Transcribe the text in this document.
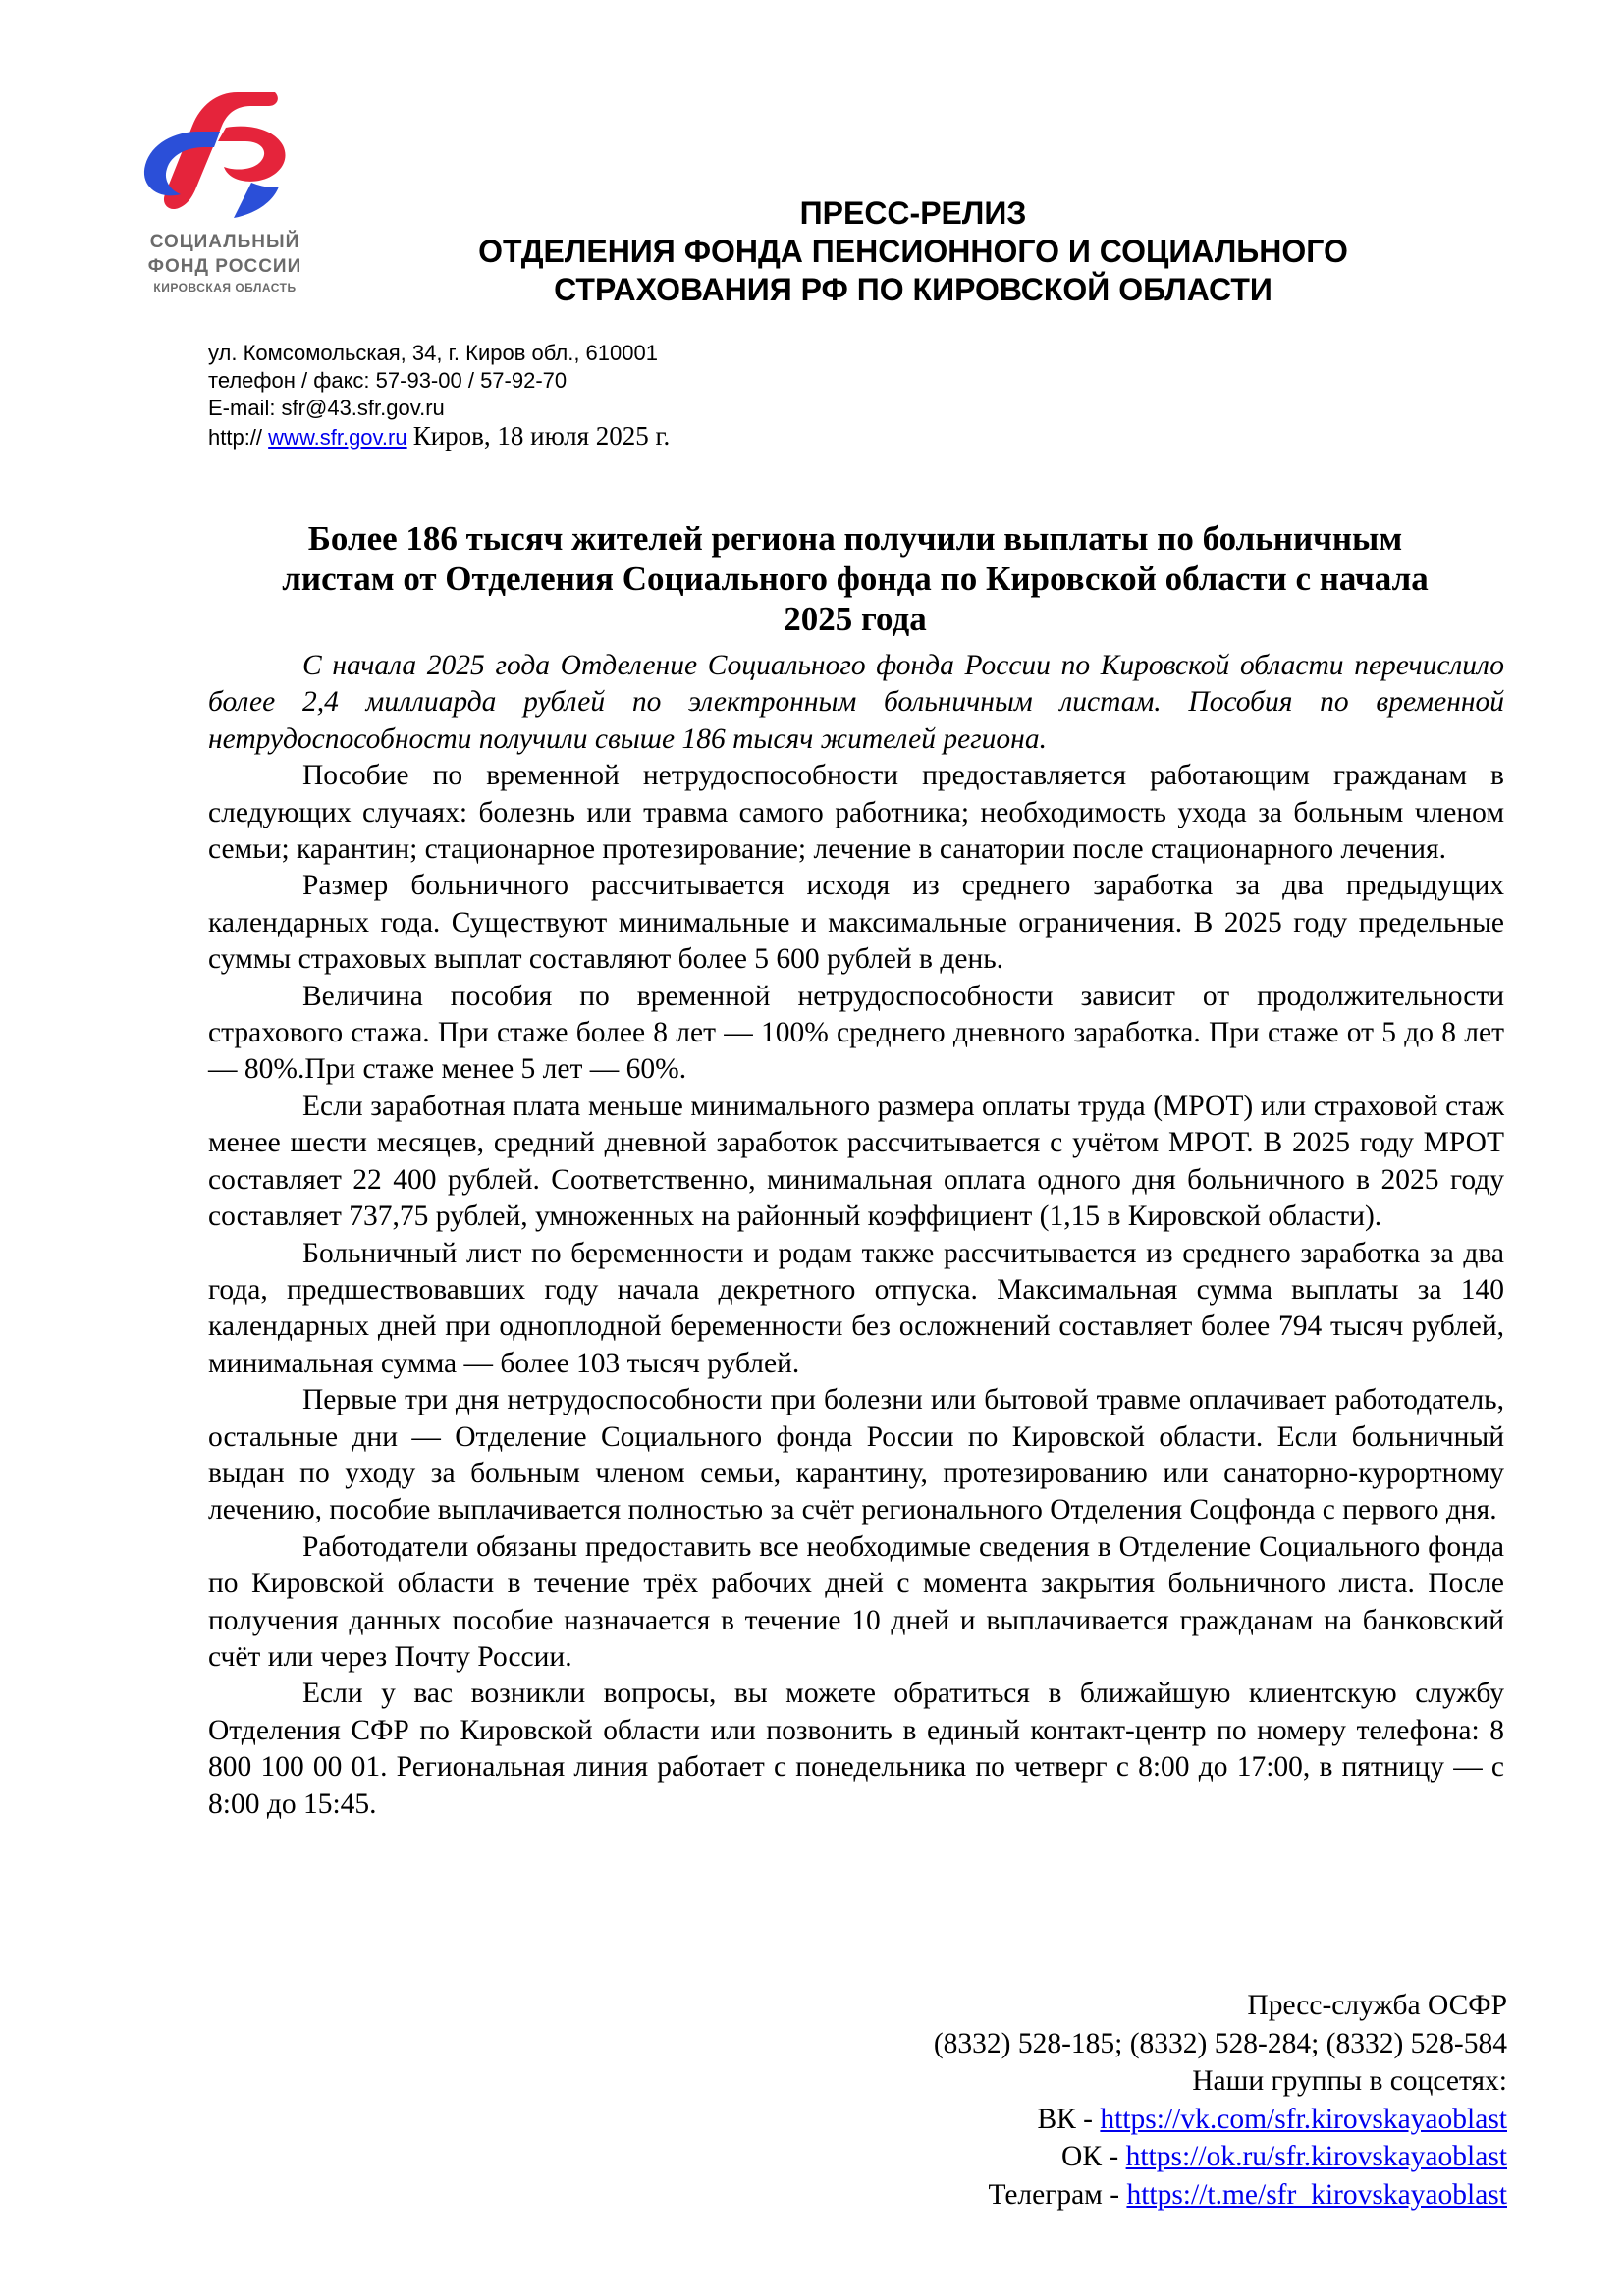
СОЦИАЛЬНЫЙ
ФОНД РОССИИ
КИРОВСКАЯ ОБЛАСТЬ
ПРЕСС-РЕЛИЗ
ОТДЕЛЕНИЯ ФОНДА ПЕНСИОННОГО И СОЦИАЛЬНОГО
СТРАХОВАНИЯ РФ ПО КИРОВСКОЙ ОБЛАСТИ
ул. Комсомольская, 34, г. Киров обл., 610001
телефон / факс: 57-93-00 / 57-92-70
E-mail: sfr@43.sfr.gov.ru
http:// www.sfr.gov.ru Киров, 18 июля 2025 г.
Более 186 тысяч жителей региона получили выплаты по больничным
листам от Отделения Социального фонда по Кировской области с начала
2025 года

С начала 2025 года Отделение Социального фонда России по Кировской области перечислило более 2,4 миллиарда рублей по электронным больничным листам. Пособия по временной нетрудоспособности получили свыше 186 тысяч жителей региона.

Пособие по временной нетрудоспособности предоставляется работающим гражданам в следующих случаях: болезнь или травма самого работника; необходимость ухода за больным членом семьи; карантин; стационарное протезирование; лечение в санатории после стационарного лечения.

Размер больничного рассчитывается исходя из среднего заработка за два предыдущих календарных года. Существуют минимальные и максимальные ограничения. В 2025 году предельные суммы страховых выплат составляют более 5 600 рублей в день.

Величина пособия по временной нетрудоспособности зависит от продолжительности страхового стажа. При стаже более 8 лет — 100% среднего дневного заработка. При стаже от 5 до 8 лет — 80%.При стаже менее 5 лет — 60%.

Если заработная плата меньше минимального размера оплаты труда (МРОТ) или страховой стаж менее шести месяцев, средний дневной заработок рассчитывается с учётом МРОТ. В 2025 году МРОТ составляет 22 400 рублей. Соответственно, минимальная оплата одного дня больничного в 2025 году составляет 737,75 рублей, умноженных на районный коэффициент (1,15 в Кировской области).

Больничный лист по беременности и родам также рассчитывается из среднего заработка за два года, предшествовавших году начала декретного отпуска. Максимальная сумма выплаты за 140 календарных дней при одноплодной беременности без осложнений составляет более 794 тысяч рублей, минимальная сумма — более 103 тысяч рублей.

Первые три дня нетрудоспособности при болезни или бытовой травме оплачивает работодатель, остальные дни — Отделение Социального фонда России по Кировской области. Если больничный выдан по уходу за больным членом семьи, карантину, протезированию или санаторно-курортному лечению, пособие выплачивается полностью за счёт регионального Отделения Соцфонда с первого дня.

Работодатели обязаны предоставить все необходимые сведения в Отделение Социального фонда по Кировской области в течение трёх рабочих дней с момента закрытия больничного листа. После получения данных пособие назначается в течение 10 дней и выплачивается гражданам на банковский счёт или через Почту России.

Если у вас возникли вопросы, вы можете обратиться в ближайшую клиентскую службу Отделения СФР по Кировской области или позвонить в единый контакт-центр по номеру телефона: 8 800 100 00 01. Региональная линия работает с понедельника по четверг с 8:00 до 17:00, в пятницу — с 8:00 до 15:45.

Пресс-служба ОСФР
(8332) 528-185; (8332) 528-284; (8332) 528-584
Наши группы в соцсетях:
ВК - https://vk.com/sfr.kirovskayaoblast
ОК - https://ok.ru/sfr.kirovskayaoblast
Телеграм - https://t.me/sfr_kirovskayaoblast
